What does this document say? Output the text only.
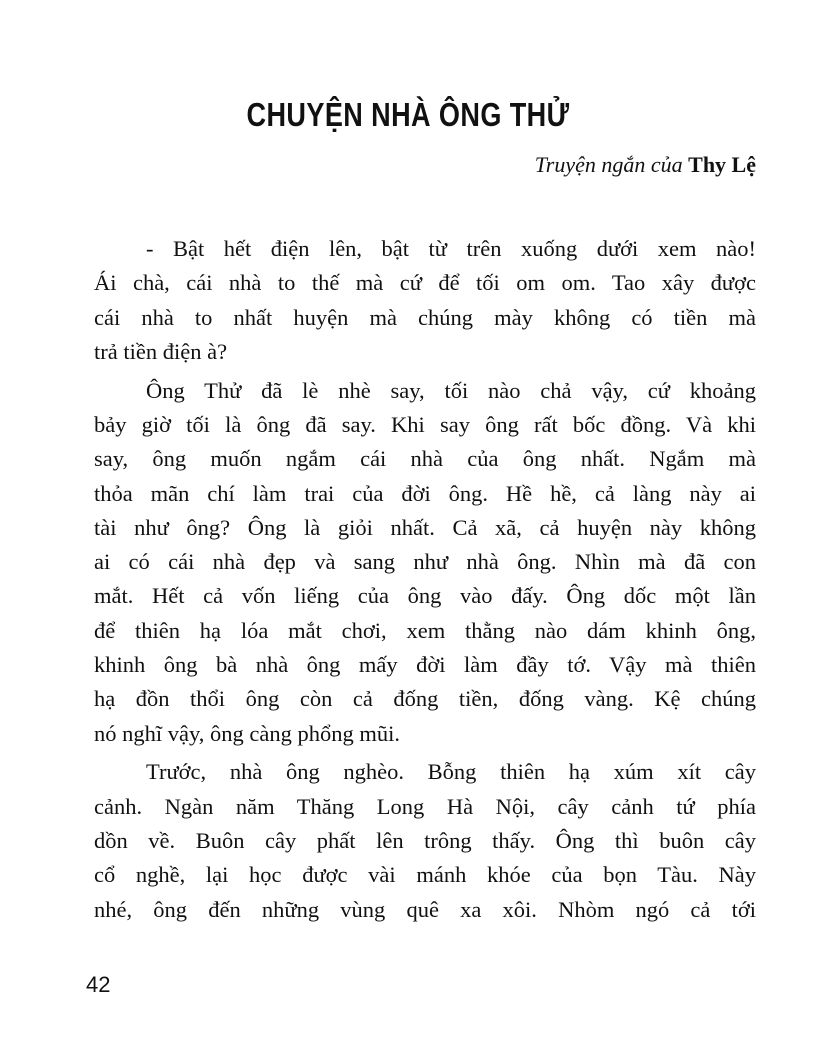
CHUYỆN NHÀ ÔNG THỬ
Truyện ngắn của Thy Lệ
- Bật hết điện lên, bật từ trên xuống dưới xem nào!
Ái chà, cái nhà to thế mà cứ để tối om om. Tao xây được
cái nhà to nhất huyện mà chúng mày không có tiền mà
trả tiền điện à?
Ông Thử đã lè nhè say, tối nào chả vậy, cứ khoảng
bảy giờ tối là ông đã say. Khi say ông rất bốc đồng. Và khi
say, ông muốn ngắm cái nhà của ông nhất. Ngắm mà
thỏa mãn chí làm trai của đời ông. Hề hề, cả làng này ai
tài như ông? Ông là giỏi nhất. Cả xã, cả huyện này không
ai có cái nhà đẹp và sang như nhà ông. Nhìn mà đã con
mắt. Hết cả vốn liếng của ông vào đấy. Ông dốc một lần
để thiên hạ lóa mắt chơi, xem thằng nào dám khinh ông,
khinh ông bà nhà ông mấy đời làm đầy tớ. Vậy mà thiên
hạ đồn thổi ông còn cả đống tiền, đống vàng. Kệ chúng
nó nghĩ vậy, ông càng phổng mũi.
Trước, nhà ông nghèo. Bỗng thiên hạ xúm xít cây
cảnh. Ngàn năm Thăng Long Hà Nội, cây cảnh tứ phía
dồn về. Buôn cây phất lên trông thấy. Ông thì buôn cây
cổ nghề, lại học được vài mánh khóe của bọn Tàu. Này
nhé, ông đến những vùng quê xa xôi. Nhòm ngó cả tới
42
